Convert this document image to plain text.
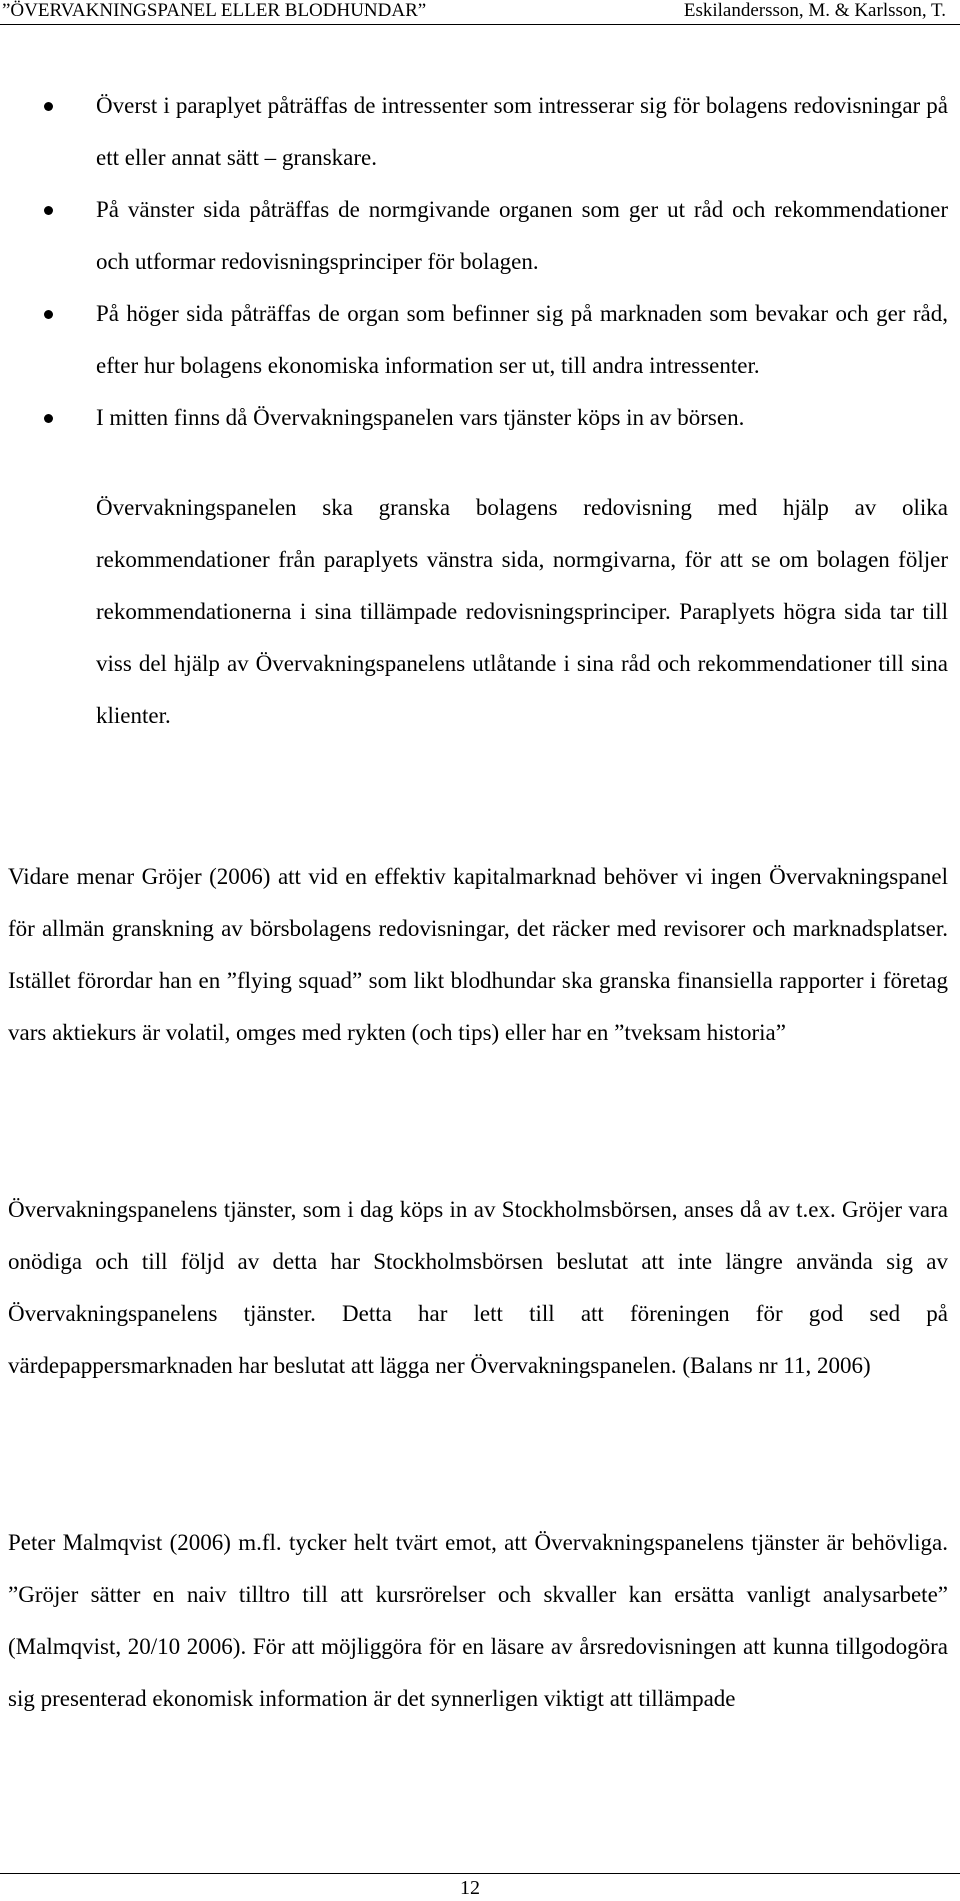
”ÖVERVAKNINGSPANEL ELLER BLODHUNDAR”	Eskilandersson, M. & Karlsson, T.
Överst i paraplyet påträffas de intressenter som intresserar sig för bolagens redovisningar på ett eller annat sätt – granskare.
På vänster sida påträffas de normgivande organen som ger ut råd och rekommendationer och utformar redovisningsprinciper för bolagen.
På höger sida påträffas de organ som befinner sig på marknaden som bevakar och ger råd, efter hur bolagens ekonomiska information ser ut, till andra intressenter.
I mitten finns då Övervakningspanelen vars tjänster köps in av börsen.

Övervakningspanelen ska granska bolagens redovisning med hjälp av olika rekommendationer från paraplyets vänstra sida, normgivarna, för att se om bolagen följer rekommendationerna i sina tillämpade redovisningsprinciper. Paraplyets högra sida tar till viss del hjälp av Övervakningspanelens utlåtande i sina råd och rekommendationer till sina klienter.

Vidare menar Gröjer (2006) att vid en effektiv kapitalmarknad behöver vi ingen Övervakningspanel för allmän granskning av börsbolagens redovisningar, det räcker med revisorer och marknadsplatser. Istället förordar han en ”flying squad” som likt blodhundar ska granska finansiella rapporter i företag vars aktiekurs är volatil, omges med rykten (och tips) eller har en ”tveksam historia”

Övervakningspanelens tjänster, som i dag köps in av Stockholmsbörsen, anses då av t.ex. Gröjer vara onödiga och till följd av detta har Stockholmsbörsen beslutat att inte längre använda sig av Övervakningspanelens tjänster. Detta har lett till att föreningen för god sed på värdepappersmarknaden har beslutat att lägga ner Övervakningspanelen. (Balans nr 11, 2006)

Peter Malmqvist (2006) m.fl. tycker helt tvärt emot, att Övervakningspanelens tjänster är behövliga. ”Gröjer sätter en naiv tilltro till att kursrörelser och skvaller kan ersätta vanligt analysarbete” (Malmqvist, 20/10 2006). För att möjliggöra för en läsare av årsredovisningen att kunna tillgodogöra sig presenterad ekonomisk information är det synnerligen viktigt att tillämpade

12
